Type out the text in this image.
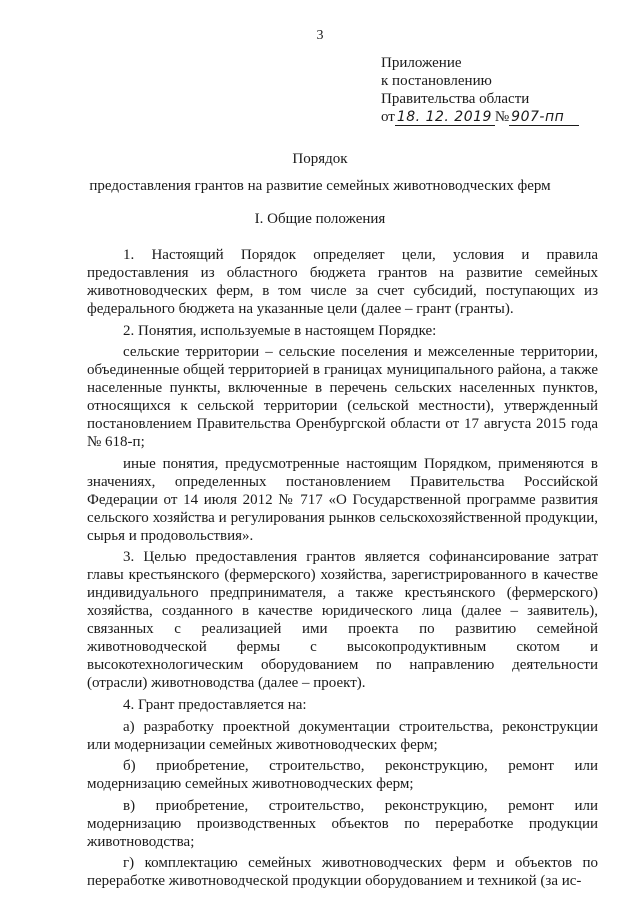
3
Приложение
к постановлению
Правительства области
от 18. 12. 2019 № 907-пп
Порядок
предоставления грантов на развитие семейных животноводческих ферм
I. Общие положения

1. Настоящий Порядок определяет цели, условия и правила предоставления из областного бюджета грантов на развитие семейных животноводческих ферм, в том числе за счет субсидий, поступающих из федерального бюджета на указанные цели (далее – грант (гранты).

2. Понятия, используемые в настоящем Порядке:

сельские территории – сельские поселения и межселенные территории, объединенные общей территорией в границах муниципального района, а также населенные пункты, включенные в перечень сельских населенных пунктов, относящихся к сельской территории (сельской местности), утвержденный постановлением Правительства Оренбургской области от 17 августа 2015 года № 618-п;

иные понятия, предусмотренные настоящим Порядком, применяются в значениях, определенных постановлением Правительства Российской Федерации от 14 июля 2012 № 717 «О Государственной программе развития сельского хозяйства и регулирования рынков сельскохозяйственной продукции, сырья и продовольствия».

3. Целью предоставления грантов является софинансирование затрат главы крестьянского (фермерского) хозяйства, зарегистрированного в качестве индивидуального предпринимателя, а также крестьянского (фермерского) хозяйства, созданного в качестве юридического лица (далее – заявитель), связанных с реализацией ими проекта по развитию семейной животноводческой фермы с высокопродуктивным скотом и высокотехнологическим оборудованием по направлению деятельности (отрасли) животноводства (далее – проект).

4. Грант предоставляется на:

а) разработку проектной документации строительства, реконструкции или модернизации семейных животноводческих ферм;

б) приобретение, строительство, реконструкцию, ремонт или модернизацию семейных животноводческих ферм;

в) приобретение, строительство, реконструкцию, ремонт или модернизацию производственных объектов по переработке продукции животноводства;

г) комплектацию семейных животноводческих ферм и объектов по переработке животноводческой продукции оборудованием и техникой (за ис-
